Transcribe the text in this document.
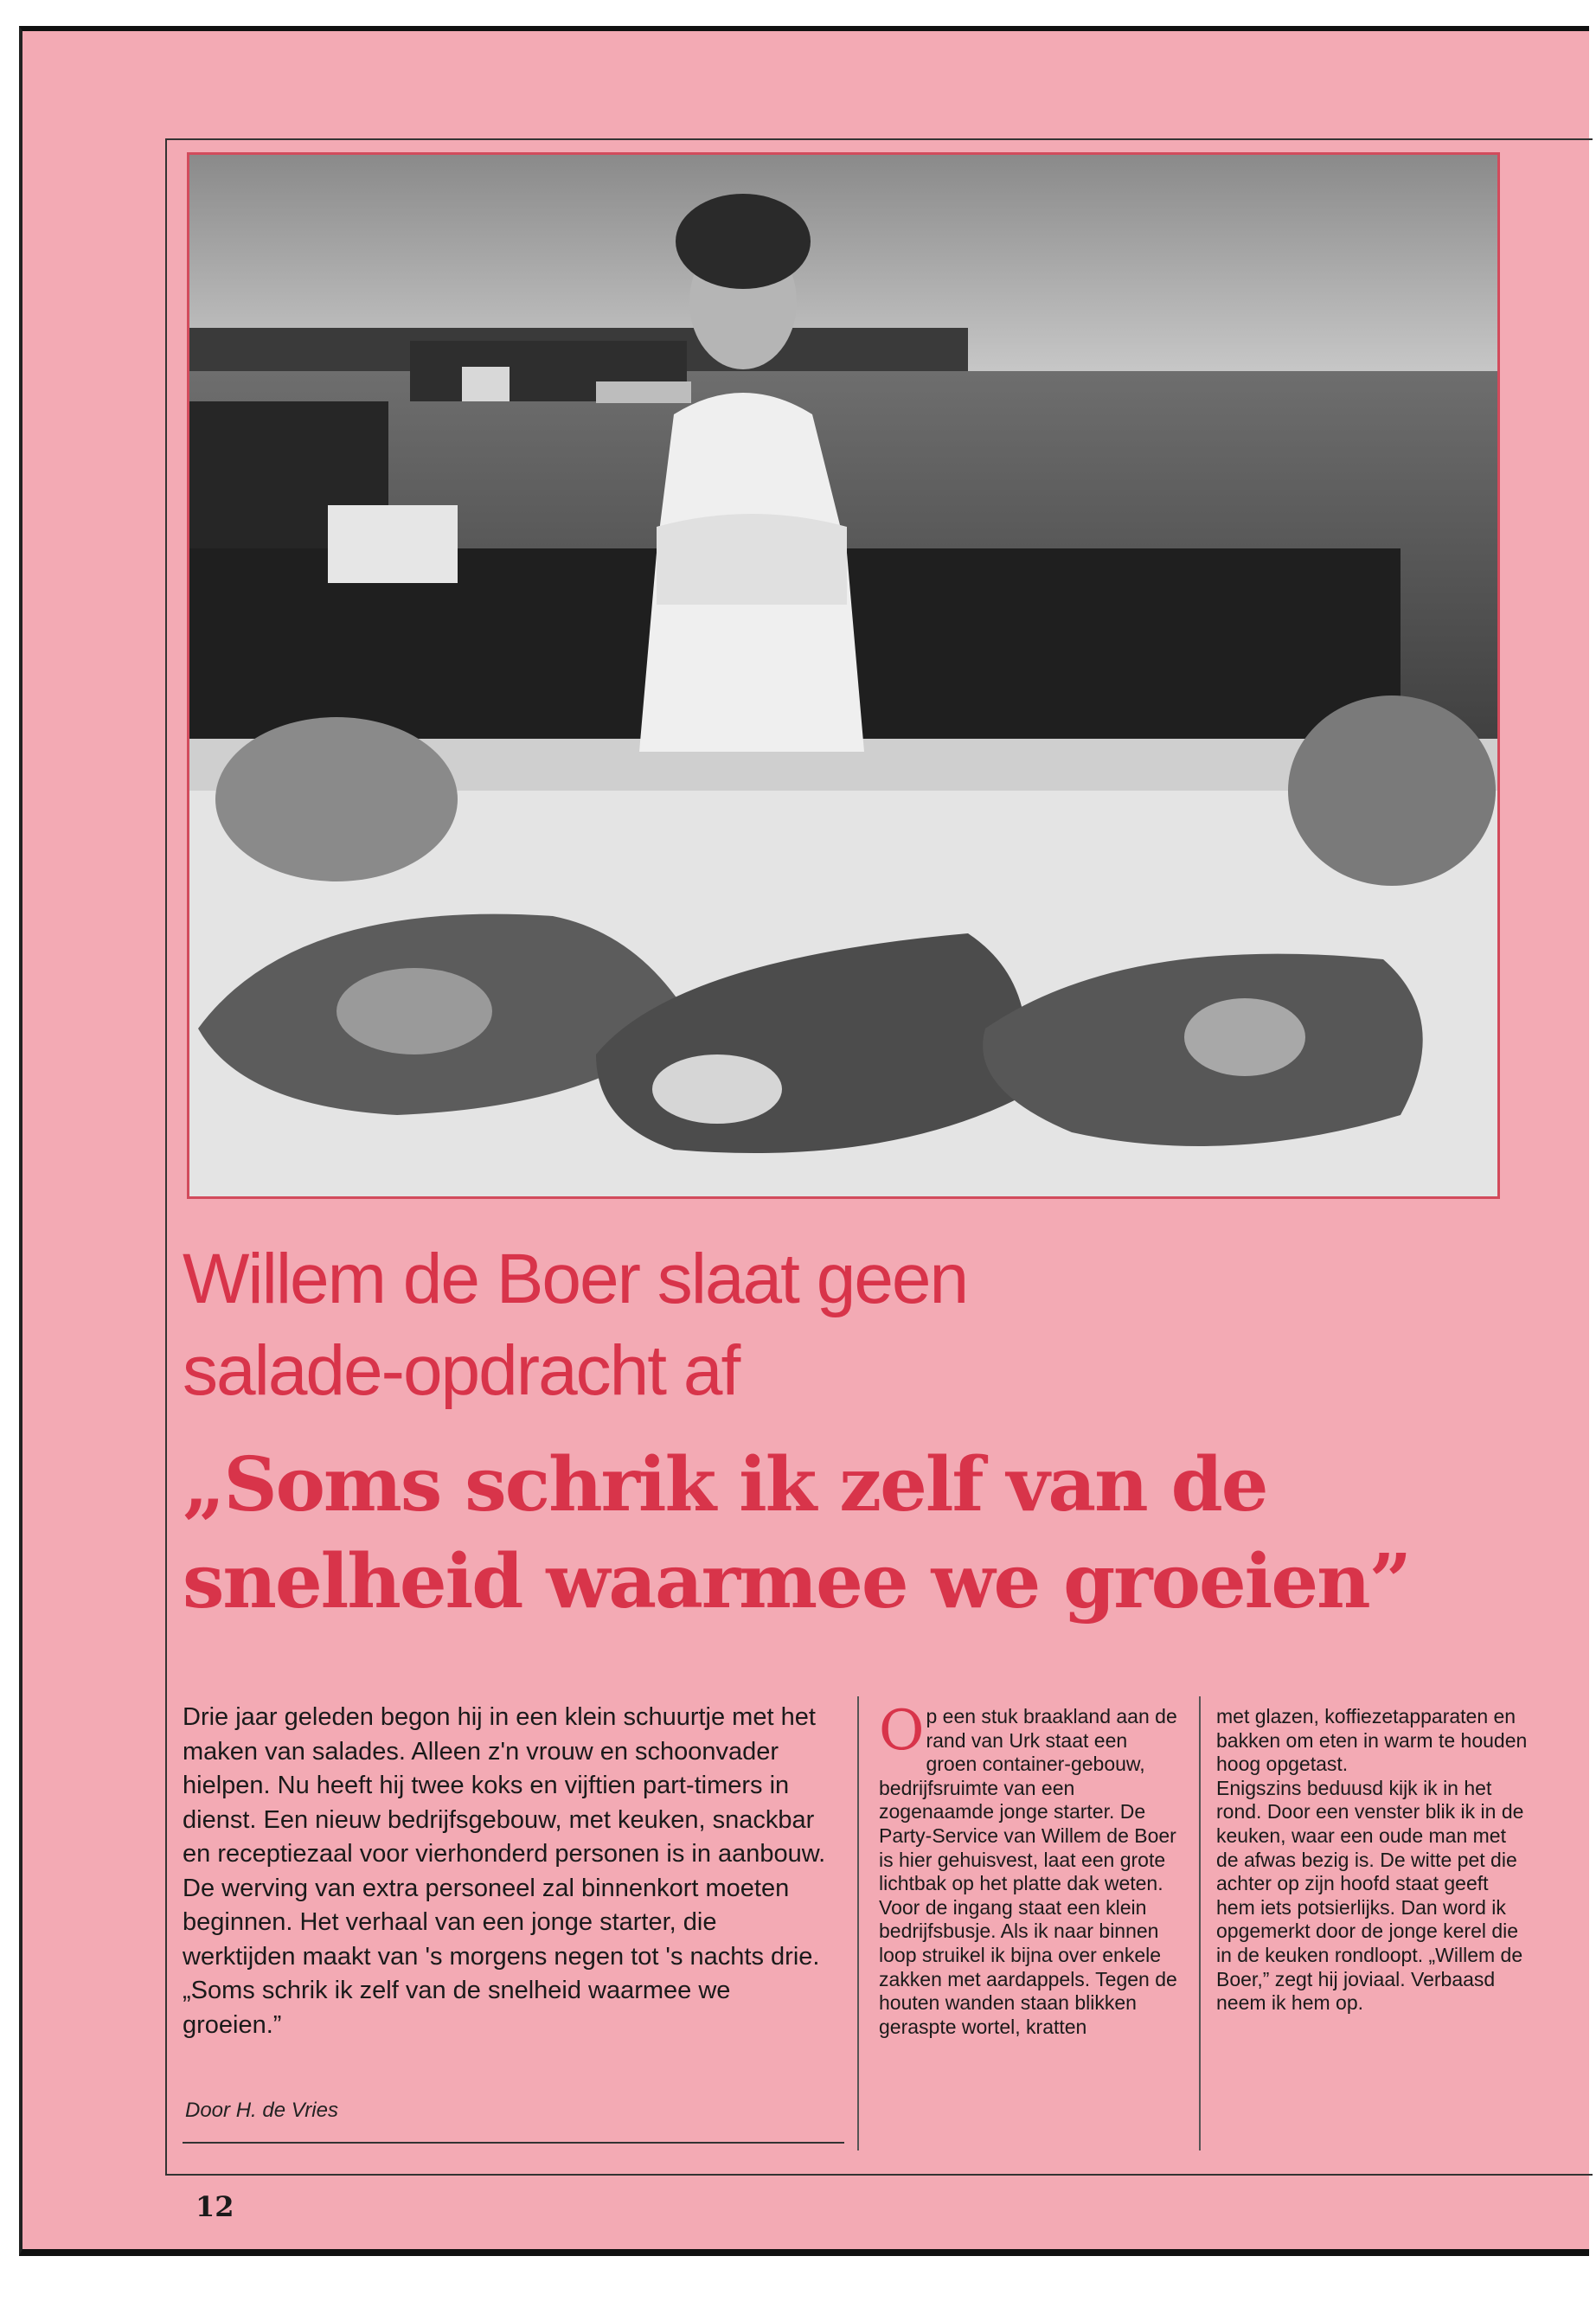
Willem de Boer slaat geen
salade-opdracht af
„Soms schrik ik zelf van de
snelheid waarmee we groeien”

Drie jaar geleden begon hij in een klein schuurtje met het maken van salades. Alleen z'n vrouw en schoonvader hielpen. Nu heeft hij twee koks en vijftien part-timers in dienst. Een nieuw bedrijfsgebouw, met keuken, snackbar en receptiezaal voor vierhonderd personen is in aanbouw. De werving van extra personeel zal binnenkort moeten beginnen. Het verhaal van een jonge starter, die werktijden maakt van 's morgens negen tot 's nachts drie. „Soms schrik ik zelf van de snelheid waarmee we groeien.”

Door H. de Vries

Op een stuk braakland aan de rand van Urk staat een groen container-gebouw, bedrijfsruimte van een zogenaamde jonge starter. De Party-Service van Willem de Boer is hier gehuisvest, laat een grote lichtbak op het platte dak weten. Voor de ingang staat een klein bedrijfsbusje. Als ik naar binnen loop struikel ik bijna over enkele zakken met aardappels. Tegen de houten wanden staan blikken geraspte wortel, kratten
met glazen, koffiezetapparaten en bakken om eten in warm te houden hoog opgetast.
Enigszins beduusd kijk ik in het rond. Door een venster blik ik in de keuken, waar een oude man met de afwas bezig is. De witte pet die achter op zijn hoofd staat geeft hem iets potsierlijks. Dan word ik opgemerkt door de jonge kerel die in de keuken rondloopt. „Willem de Boer,” zegt hij joviaal. Verbaasd neem ik hem op.

12
